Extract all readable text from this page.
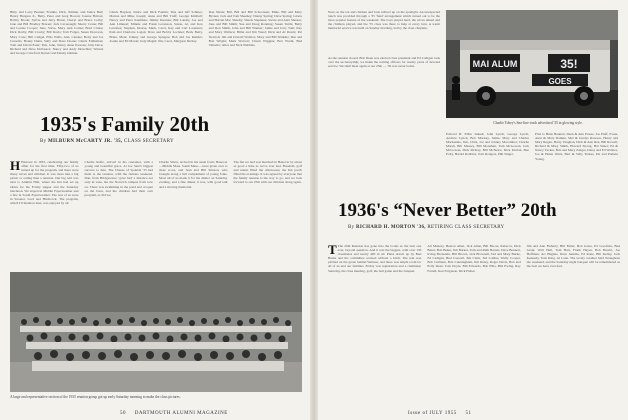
Billy, and Larry Bonner, Frankie, Dick, Jimmie, and Janice Bell; Henry Burgess Jr., Betty, Peter and Greg Bowen; Joanne Britton; Bobby Brook; Sylvia and Jerry Brunt; Cheryl and Bruce Colby; Jane and Bill Bradley Bowen; Jack Cavanaugh; Sherry Crane; Bill and Louise Cooper; Jane, Steve, Mary Ann Cotten; Brad Cruise; Dick Darby; Bill Crosby; Bill Davis; Tom Folger, Susan Donovan, Mary Cone; Bill Cudgel, Ellis Wells, Ann, Candee; Betty and Joe Cursello; Bonny Dunn, Sally and Dave Doane; Chuck Eddleman; Tom and David Ester; Tim, John, Nancy Anne Parsons; Judy Deve; Richard and Dave Dollarace; Nancy and Andy Dreschler; Warren and George Crawford; Robert and Danny Gilman.
Chuck Hayden; Janice and Dick Fannin; Tina and Jeff Schmer; Marion and Mike Joseph; Anne and Bill Traff; George Kimball; Nancy and Peter Kaufman; Jimmy Kiernan; Bill Landry, Joe and Ann Limneal; Minnie and Frank Levenson, Susan, Al, and Ken Larrabee; Stephan, Dearse, Mark, Carol, Kay and Carl Lorenzen; Pam and Charlotte Logan; Dave and Bobby Lochner; Beth, Betty, Brian, Meta; Johnny and George Sprague; Bob and Joe Rudder; Joanie and Ed Moran; Judy Magid; Jim, Carol, Margaret Richey.
Dan Nunis; Bill, Bill and Bill Schoonsen; Mike, Bill and Mary Byrnes; Jack and Tom Sheehey; Danny Spring; Dave Spring; Gloria and Harriet Mac Sheehy; Sheets Stephens; Stevie and Alex Shearer, Jane and Bill Smith; Sue and Doug Ronning; Susan Tuttle; Betty and Don Smith, John and Bill Wanner; Jamie and Jerry Tom; Kay and Mary Wallace; Billie and Jim Weed; Dick and Al Rawls; Pat Stratton; Jim and Donald Wallace; Mary and Bill Watkins; Dee and Bob Wright; Mark Wolcott; Chuck Wiggins; Bob Worth, Bud Valladro; Alice and Nick Nubbins.
1935's Family 20th
By MILBURN McCARTY JR. '35, CLASS SECRETARY
H Hanover in 1935, celebrating our family affair for the first time. Fifty-two of us turned up for the program, and there were many wives and children. It was more like a big picnic or outing than a reunion. Our big tent was next to Alumni Hall, where the Inn had set up tables for the Friday supper and the Saturday luncheon. We stayed in Middle Fayerweather and a few in South Fayerweather. The rest of us were in Streeter, Lord and Hitchcock. The program, which I'll mention later, was enjoyed by all.
Charlie Rolfe, arrived in his customer, with a young and beautiful grace. At Joe Sant's biggest success to date. The Cheese of Spaulds '35 had them at the reunion, with the famous weekend. Dan, from Bridgewater, 'gave bad' a distance not only in vans, but the Norwich campus from now on. There was swimming in the pond and croquet on the lawn, and the children had their own program, as did we.
Charlie Silver, arrived in his usual form; Hanover—Middle Mass. South Mass.—were given over to three score, and Jean and Bill Stinson, who brought along a full complement of young folks. Most all of us made it for the dinner on Saturday evening, and a fine dinner it was, with good talk and a moving memorial.
The fun we had was matched in Hanover by about as good a time as we've ever had. Baseball, golf and tennis filled the afternoons; the Inn porch filled the evenings. It was agreed by everyone that the family reunion is the way to go, and we look forward to our 25th with our children along again.
A large and representative section of the 1935 reunion group got up early Saturday morning to make the class pictures.
50 DARTMOUTH ALUMNI MAGAZINE
Next on the tax and chicken and Jack Gilbert up on the spotlight. An unexpected lunch was provided through a '35 'fund' arrangement which turned out to be the most popular feature of the weekend. The boys played hard, the wives talked and the children played, and the '55 class was there to help at every turn. A warm memorial service was held on Sunday morning, led by the class chaplain.
MAI ALUM	35!
GOES
Charlie Tobey's Sno-line truck advertised '35 in glowing style.
Edward B. Edlin Jaskell, John Lynch, George Lynch, Andrew Lynch, Bob Mackay, Jamie, Mary and Charles Mackenzie, Jim, Chris, Joe and Johnny Macomber; Charlie Marsh, Bill Massey, Bill Monahan, Tom McGowan, Jack McGowan, Dick McKay, Bill McNeice, Dick Parrish, Ben Polly, Harold Robbins, Tom Rodgers, Phil Singer.
First to Bette Bennett, Dean & Ann Prasse, Joe Plaff, Ewen, Aunt & Mary Rankin, Mel & Gladys Rawson, Henry and Mary Regan, Harry Vaughan, Dick & Ann Rex, Bill Rowell; Richard & Mary Smith, Howard Strong, Hal Slater; Ed & Nancy Tucker, Bob and Mary Zanger, Daisy and Ed Wallace, Joe & Helen Watts, Bert & Sally Yerkes, Pat and Pamela Young.
As the reunion closed, Bob Dean was elected class president and Ed Cadigan took over the secretaryship; we thank the retiring officers for twenty years of devoted service. We shall meet again at our 25th — '36 was never better.
1936's “Never Better” 20th
By RICHARD H. MORTON '36, RETIRING CLASS SECRETARY
T The 20th Reunion has gone into the books as the best one ever, beyond question. And it was the biggest, with over 130 classmates and nearly 400 in all. Plans drawn up by Bud Burke and his committee worked without a hitch. The tent was pitched on the green behind Webster, and there was ample room for all of us and our families. Friday was registration and a clambake; Saturday, the class meeting, golf, the ball game and the banquet.
All Muzzey, Heaton Allen, Jack Allen, Bill Bacon, Rebecca, Dick Baird, Bob Baker, Jim Barker, Tom and Ruth Barrett, Dave Bennett, Irving Bronstein, Bill Brown, Jack Brownell, Ted and Mary Burke, Ed Cadigan, Bud Caswell, Jim Clark, Ted Collins, Wally Cooper, Bob Cullinan, Bob Cunningham, Jim Daley, Roger Davis, Bob and Polly Dean, Tom Doyle, Bill Edwards, Bob Ellis, Phil Ewing, Ray Farrell, Ken Ferguson, Dick Fisher.
Jim and Ann Flaherty, Bill Fuller, Bob Gates, Ed Goodwin, Bud Grant, Walt Hall, Tom Hart, Frank Hayes, Bob Hewitt, Joe Hoffman, Art Hughes, Dave Jenkins, Ed Kane, Bill Kelley, Jack Kennedy, Tom King, Al Lane. The lovely weather held throughout the weekend, and the Saturday night banquet will be remembered as the best we have ever had.
Issue of JULY 1955 51
